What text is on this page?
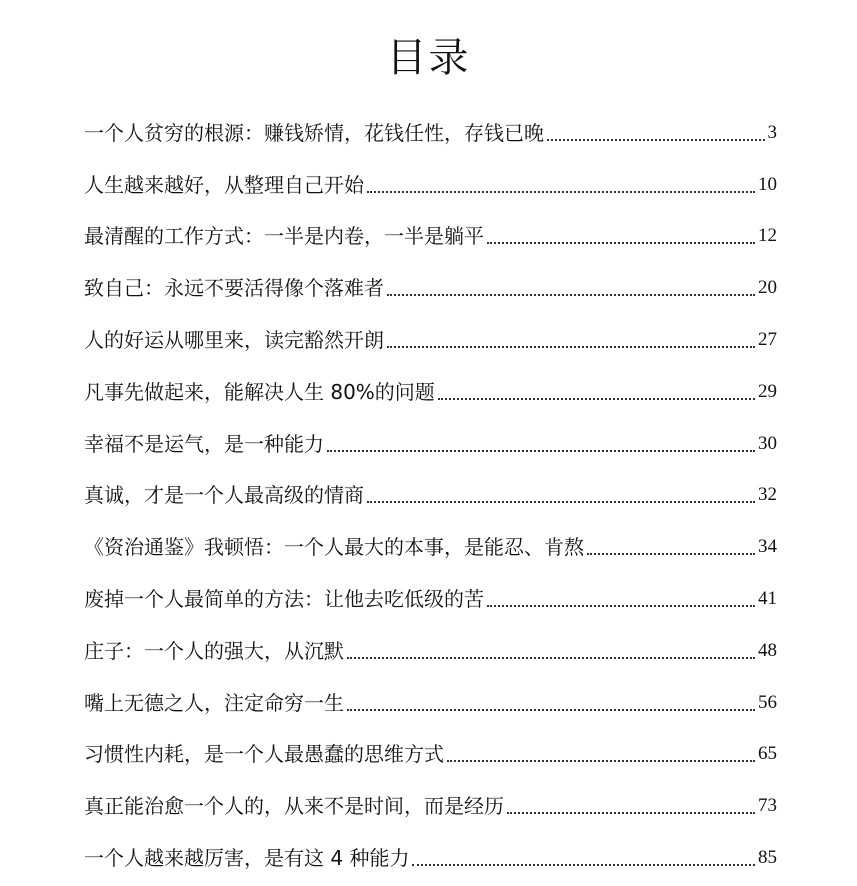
目录
一个人贫穷的根源：赚钱矫情，花钱任性，存钱已晚	3
人生越来越好，从整理自己开始	10
最清醒的工作方式：一半是内卷，一半是躺平	12
致自己：永远不要活得像个落难者	20
人的好运从哪里来，读完豁然开朗	27
凡事先做起来，能解决人生 80%的问题	29
幸福不是运气，是一种能力	30
真诚，才是一个人最高级的情商	32
《资治通鉴》我顿悟：一个人最大的本事，是能忍、肯熬	34
废掉一个人最简单的方法：让他去吃低级的苦	41
庄子：一个人的强大，从沉默	48
嘴上无德之人，注定命穷一生	56
习惯性内耗，是一个人最愚蠢的思维方式	65
真正能治愈一个人的，从来不是时间，而是经历	73
一个人越来越厉害，是有这 4 种能力	85
